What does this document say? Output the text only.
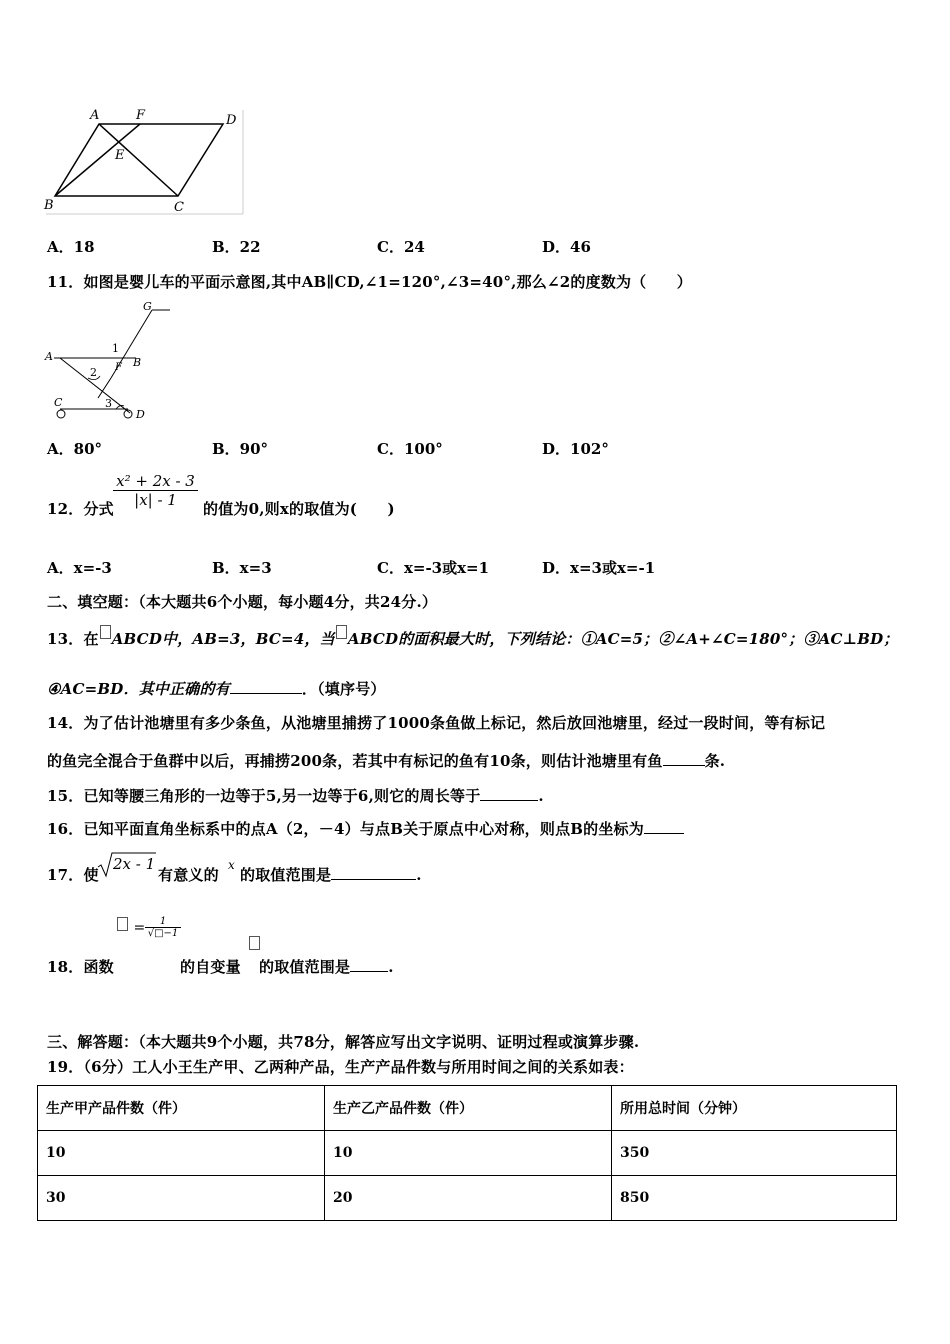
A	F	D
E
B	C
A．18	B．22	C．24	D．46
11．如图是婴儿车的平面示意图,其中AB∥CD,∠1=120°,∠3=40°,那么∠2的度数为（　　）
G
A	B
1
F
2
C	3
D
A．80°	B．90°	C．100°	D．102°
12．分式
x² + 2x - 3
|x| - 1	的值为0,则x的取值为(　　)
A．x=-3	B．x=3	C．x=-3或x=1	D．x=3或x=-1
二、填空题：（本大题共6个小题，每小题4分，共24分.）
13．在 ABCD中，AB=3，BC=4，当 ABCD的面积最大时，下列结论：①AC=5；②∠A+∠C=180°；③AC⊥BD；
④AC=BD．其中正确的有	．（填序号）
14．为了估计池塘里有多少条鱼，从池塘里捕捞了1000条鱼做上标记，然后放回池塘里，经过一段时间，等有标记
的鱼完全混合于鱼群中以后，再捕捞200条，若其中有标记的鱼有10条，则估计池塘里有鱼	条.
15．已知等腰三角形的一边等于5,另一边等于6,则它的周长等于	.
16．已知平面直角坐标系中的点A（2，－4）与点B关于原点中心对称，则点B的坐标为
17．使
2x - 1
有意义的
x
的取值范围是	.
=	1
√□−1
18．函数	的自变量 的取值范围是	.
三、解答题：（本大题共9个小题，共78分，解答应写出文字说明、证明过程或演算步骤.
19．（6分）工人小王生产甲、乙两种产品，生产产品件数与所用时间之间的关系如表：
生产甲产品件数（件）	生产乙产品件数（件）	所用总时间（分钟）
10	10	350
30	20	850
